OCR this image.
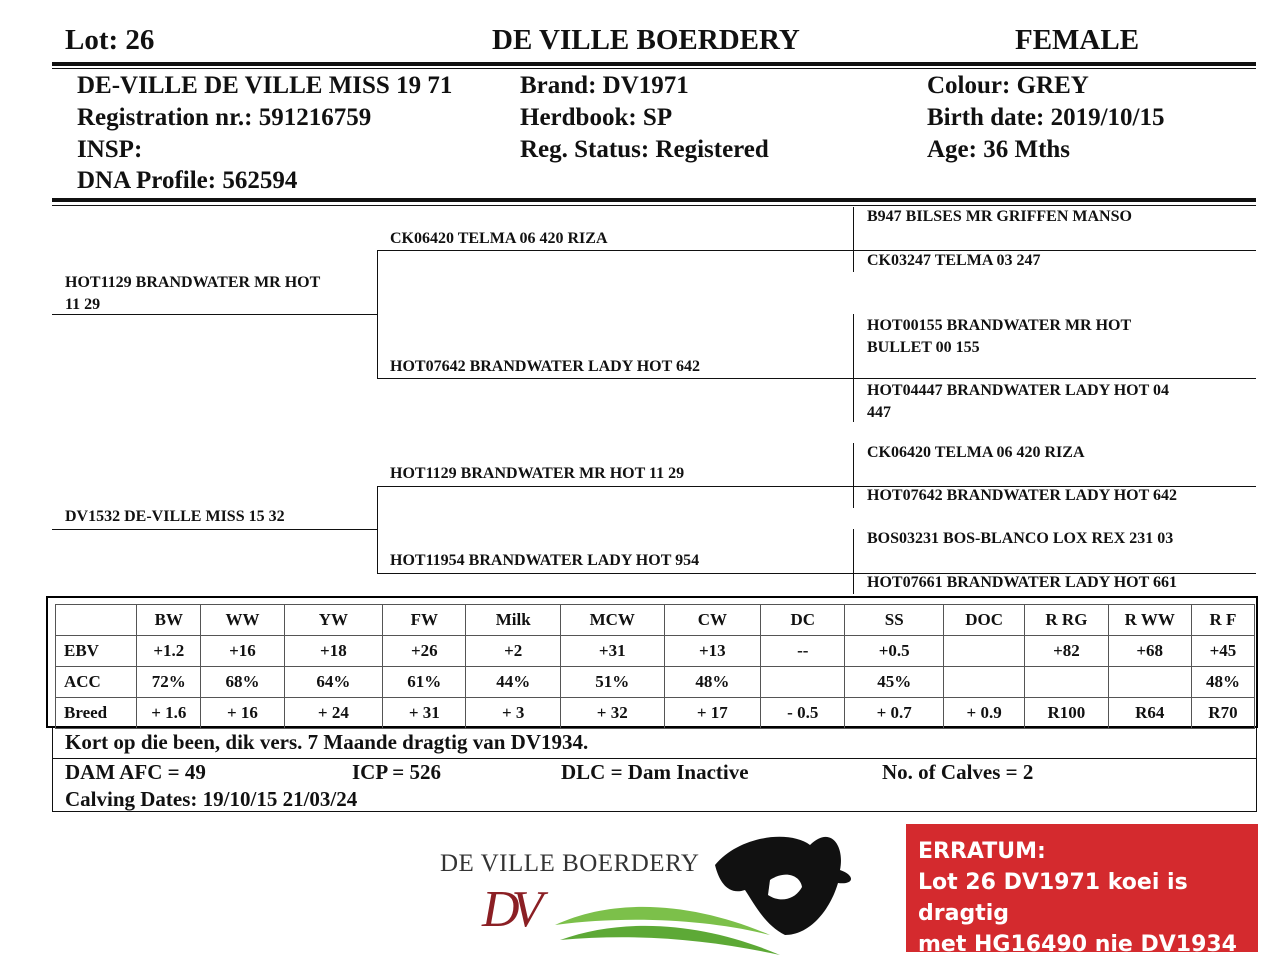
Lot: 26	DE VILLE BOERDERY	FEMALE
DE-VILLE DE VILLE MISS 19 71
Registration nr.: 591216759
INSP:
DNA Profile: 562594
Brand: DV1971
Herdbook: SP
Reg. Status: Registered
Colour: GREY
Birth date: 2019/10/15
Age: 36 Mths
HOT1129 BRANDWATER MR HOT
11 29
DV1532 DE-VILLE MISS 15 32
CK06420 TELMA 06 420 RIZA
HOT07642 BRANDWATER LADY HOT 642
HOT1129 BRANDWATER MR HOT 11 29
HOT11954 BRANDWATER LADY HOT 954
B947 BILSES MR GRIFFEN MANSO
CK03247 TELMA 03 247
HOT00155 BRANDWATER MR HOT
BULLET 00 155
HOT04447 BRANDWATER LADY HOT 04
447
CK06420 TELMA 06 420 RIZA
HOT07642 BRANDWATER LADY HOT 642
BOS03231 BOS-BLANCO LOX REX 231 03
HOT07661 BRANDWATER LADY HOT 661
	BW	WW	YW	FW	Milk	MCW	CW	DC	SS	DOC	R RG	R WW	R F
EBV	+1.2	+16	+18	+26	+2	+31	+13	--	+0.5		+82	+68	+45
ACC	72%	68%	64%	61%	44%	51%	48%		45%				48%
Breed	+ 1.6	+ 16	+ 24	+ 31	+ 3	+ 32	+ 17	- 0.5	+ 0.7	+ 0.9	R100	R64	R70
Kort op die been, dik vers. 7 Maande dragtig van DV1934.
DAM AFC = 49	ICP = 526	DLC = Dam Inactive	No. of Calves = 2
Calving Dates: 19/10/15 21/03/24
DE VILLE BOERDERY
DV
ERRATUM:
Lot 26 DV1971 koei is dragtig
met HG16490 nie DV1934
